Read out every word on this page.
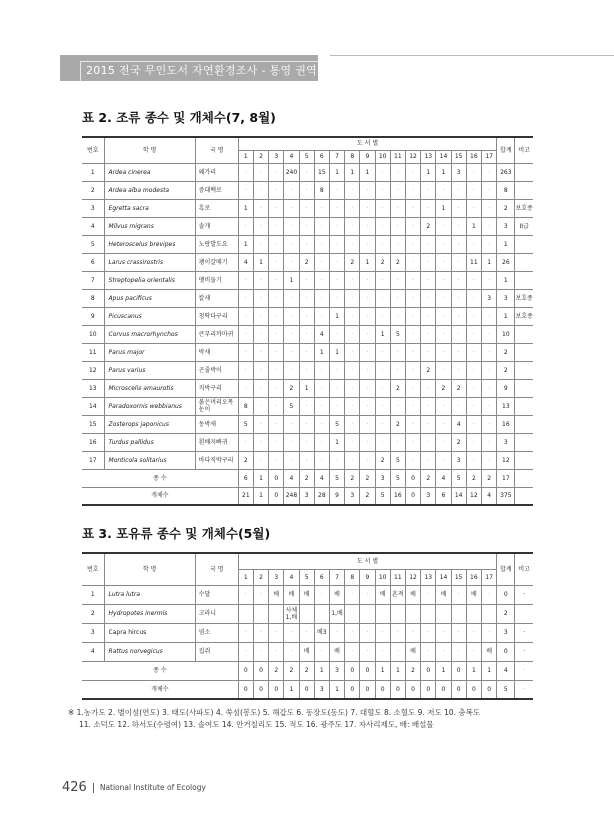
2015 전국 무인도서 자연환경조사 - 통영 권역
표 2. 조류 종수 및 개체수(7, 8월)
번호	학 명	국 명	도 서 별																	합계	비고
			1	2	3	4	5	6	7	8	9	10	11	12	13	14	15	16	17		
1	Ardea cinerea	왜가리	·	·	·	240	·	15	1	1	1	·	·	·	1	1	3	·	·	263	
2	Ardea alba modesta	중대백로	·	·	·	·	·	8	·	·	·	·	·	·	·	·	·	·	·	8	
3	Egretta sacra	흑로	1	·	·	·	·	·	·	·	·	·	·	·	·	1	·	·	·	2	보호종
4	Milvus migrans	솔개	·	·	·	·	·	·	·	·	·	·	·	·	2	·	·	1	·	3	II급
5	Heteroscelus brevipes	노랑발도요	1	·	·	·	·	·	·	·	·	·	·	·	·	·	·	·	·	1	
6	Larus crassirostris	괭이갈매기	4	1	·	·	2	·	·	2	1	2	2	·	·	·	·	11	1	26	
7	Streptopelia orientalis	멧비둘기	·	·	·	1	·	·	·	·	·	·	·	·	·	·	·	·	·	1	
8	Apus pacificus	칼새	·	·	·	·	·	·	·	·	·	·	·	·	·	·	·	·	3	3	보호종
9	Picuscanus	청딱다구리	·	·	·	·	·	·	1	·	·	·	·	·	·	·	·	·	·	1	보호종
10	Corvus macrorhynchos	큰부리까마귀	·	·	·	·	·	4	·	·	·	1	5	·	·	·	·	·	·	10	
11	Parus major	박새	·	·	·	·	·	1	1	·	·	·	·	·	·	·	·	·	·	2	
12	Parus varius	곤줄박이	·	·	·	·	·	·	·	·	·	·	·	·	2	·	·	·	·	2	
13	Microscelis amaurotis	직박구리	·	·	·	2	1	·	·	·	·	·	2	·	·	2	2	·	·	9	
14	Paradoxornis webbianus	붉은머리오목눈이	8	·	·	5	·	·	·	·	·	·	·	·	·	·	·	·	·	13	
15	Zosterops japonicus	동박새	5	·	·	·	·	·	5	·	·	·	2	·	·	·	4	·	·	16	
16	Turdus pallidus	흰배지빠귀	·	·	·	·	·	·	1	·	·	·	·	·	·	·	2	·	·	3	
17	Monticola solitarius	바다직박구리	2	·	·	·	·	·	·	·	·	2	5	·	·	·	3	·	·	12	
종 수			6	1	0	4	2	4	5	2	2	3	5	0	2	4	5	2	2	17	
개체수			21	1	0	248	3	28	9	3	2	5	16	0	3	6	14	12	4	375	
표 3. 포유류 종수 및 개체수(5월)
번호	학 명	국 명	도 서 별																	합계	비고
			1	2	3	4	5	6	7	8	9	10	11	12	13	14	15	16	17		
1	Lutra lutra	수달	·	·	배	배	배	·	배	·	·	배	흔적	배	·	배	·	배	·	0	·
2	Hydropotes inermis	고라니				사체1,배			1,배											2	
3	Capra hircus	염소	·	·	·	·	·	배3	·	·	·	·	·	·	·	·	·	·	·	3	·
4	Rattus norvegicus	집쥐	·	·	·	·	배	·	배	·	·	·	·	배	·	·	·	·	배	0	·
종 수			0	0	2	2	2	1	3	0	0	1	1	2	0	1	0	1	1	4	·
개체수			0	0	0	1	0	3	1	0	0	0	0	0	0	0	0	0	0	5	·
※ 1.농가도 2. 별이섬(연도) 3. 태도(사파도) 4. 쑥섬(봉도) 5. 해갑도 6. 동장도(동도) 7. 대혈도 8. 소혈도 9. 저도 10. 충복도
11. 소덕도 12. 하서도(수령여) 13. 솔여도 14. 안거칠리도 15. 적도 16. 광주도 17. 자사리제도, 배: 배설물
426 National Institute of Ecology
